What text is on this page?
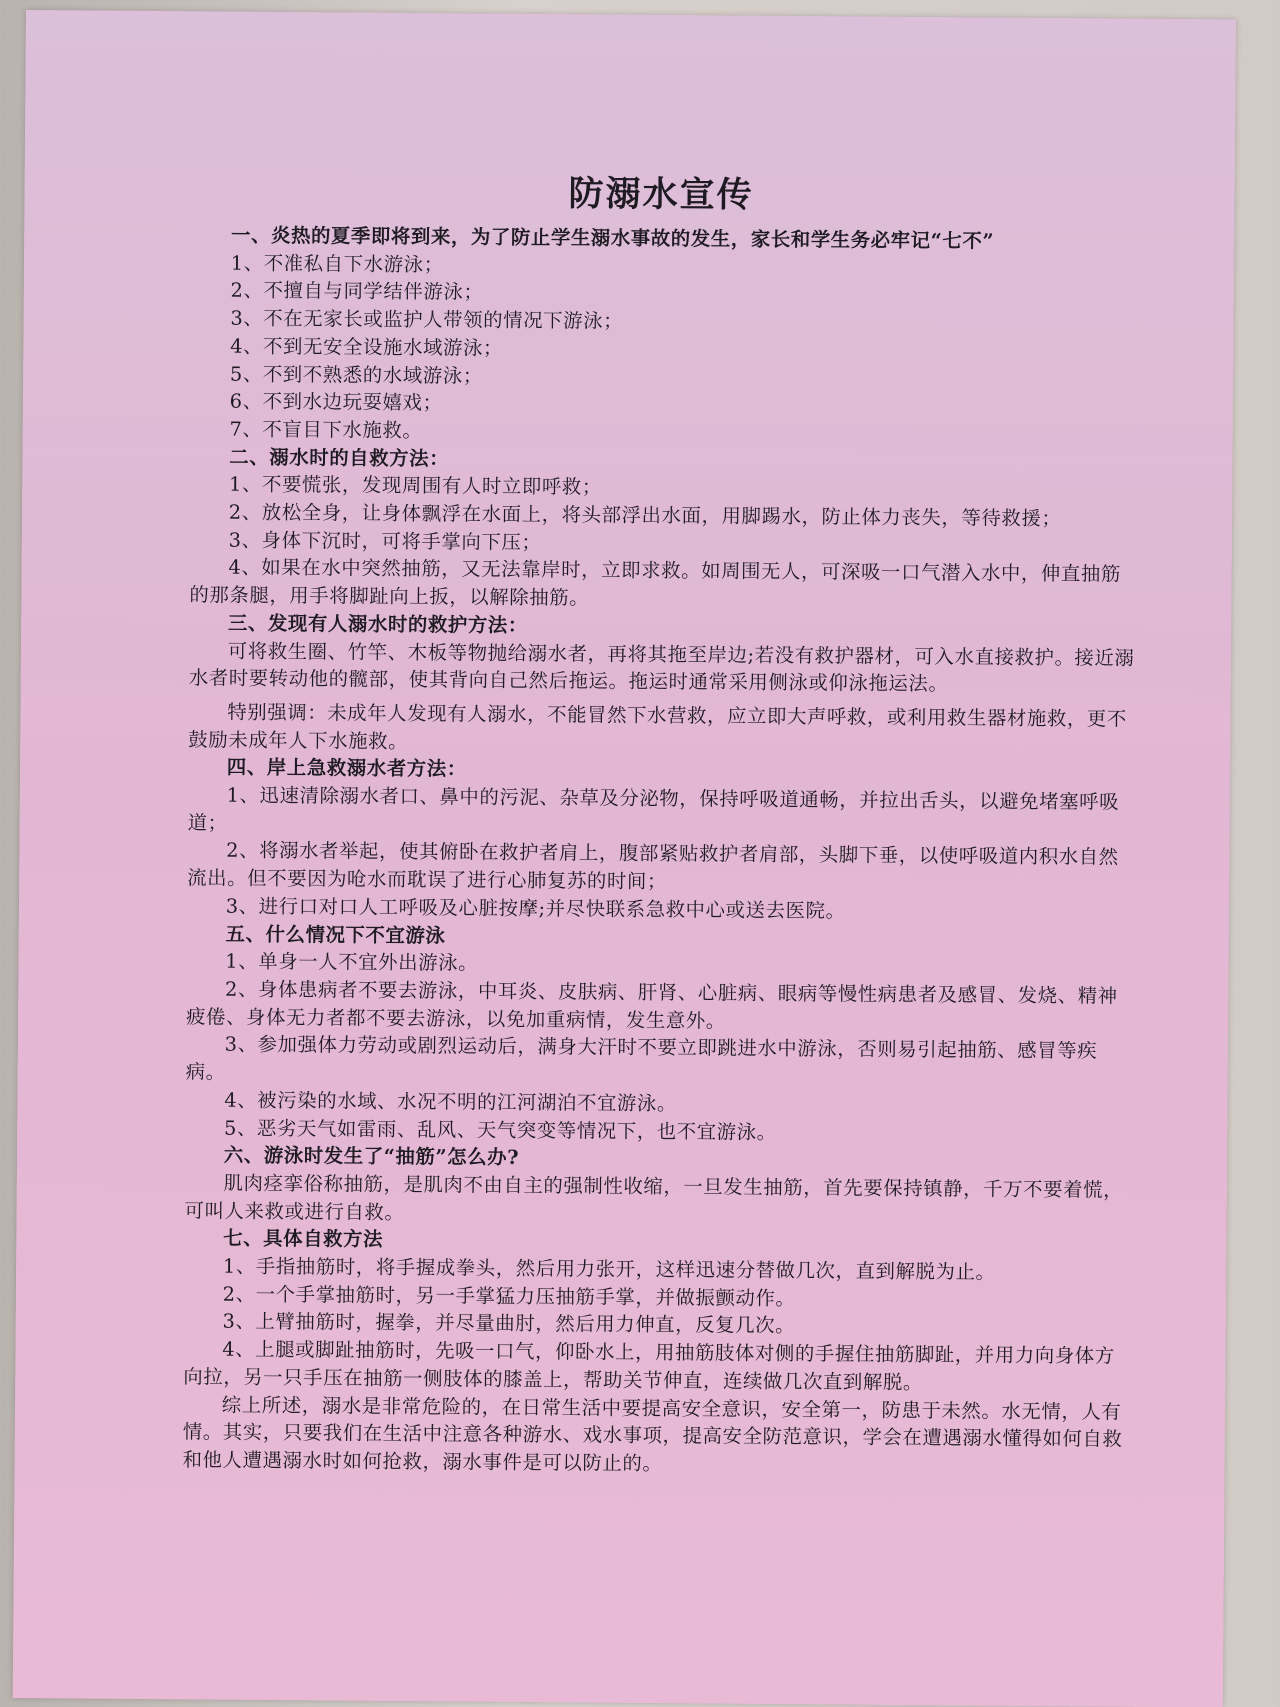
防溺水宣传

一、炎热的夏季即将到来，为了防止学生溺水事故的发生，家长和学生务必牢记“七不”

1、不准私自下水游泳；

2、不擅自与同学结伴游泳；

3、不在无家长或监护人带领的情况下游泳；

4、不到无安全设施水域游泳；

5、不到不熟悉的水域游泳；

6、不到水边玩耍嬉戏；

7、不盲目下水施救。

二、溺水时的自救方法：

1、不要慌张，发现周围有人时立即呼救；

2、放松全身，让身体飘浮在水面上，将头部浮出水面，用脚踢水，防止体力丧失，等待救援；

3、身体下沉时，可将手掌向下压；

4、如果在水中突然抽筋，又无法靠岸时，立即求救。如周围无人，可深吸一口气潜入水中，伸直抽筋的那条腿，用手将脚趾向上扳，以解除抽筋。

三、发现有人溺水时的救护方法：

可将救生圈、竹竿、木板等物抛给溺水者，再将其拖至岸边;若没有救护器材，可入水直接救护。接近溺水者时要转动他的髋部，使其背向自己然后拖运。拖运时通常采用侧泳或仰泳拖运法。

特别强调：未成年人发现有人溺水，不能冒然下水营救，应立即大声呼救，或利用救生器材施救，更不鼓励未成年人下水施救。

四、岸上急救溺水者方法：

1、迅速清除溺水者口、鼻中的污泥、杂草及分泌物，保持呼吸道通畅，并拉出舌头，以避免堵塞呼吸道；

2、将溺水者举起，使其俯卧在救护者肩上，腹部紧贴救护者肩部，头脚下垂，以使呼吸道内积水自然流出。但不要因为呛水而耽误了进行心肺复苏的时间；

3、进行口对口人工呼吸及心脏按摩;并尽快联系急救中心或送去医院。

五、什么情况下不宜游泳

1、单身一人不宜外出游泳。

2、身体患病者不要去游泳，中耳炎、皮肤病、肝肾、心脏病、眼病等慢性病患者及感冒、发烧、精神疲倦、身体无力者都不要去游泳，以免加重病情，发生意外。

3、参加强体力劳动或剧烈运动后，满身大汗时不要立即跳进水中游泳，否则易引起抽筋、感冒等疾病。

4、被污染的水域、水况不明的江河湖泊不宜游泳。

5、恶劣天气如雷雨、乱风、天气突变等情况下，也不宜游泳。

六、游泳时发生了“抽筋”怎么办?

肌肉痉挛俗称抽筋，是肌肉不由自主的强制性收缩，一旦发生抽筋，首先要保持镇静，千万不要着慌，可叫人来救或进行自救。

七、具体自救方法

1、手指抽筋时，将手握成拳头，然后用力张开，这样迅速分替做几次，直到解脱为止。

2、一个手掌抽筋时，另一手掌猛力压抽筋手掌，并做振颤动作。

3、上臂抽筋时，握拳，并尽量曲肘，然后用力伸直，反复几次。

4、上腿或脚趾抽筋时，先吸一口气，仰卧水上，用抽筋肢体对侧的手握住抽筋脚趾，并用力向身体方向拉，另一只手压在抽筋一侧肢体的膝盖上，帮助关节伸直，连续做几次直到解脱。

综上所述，溺水是非常危险的，在日常生活中要提高安全意识，安全第一，防患于未然。水无情，人有情。其实，只要我们在生活中注意各种游水、戏水事项，提高安全防范意识，学会在遭遇溺水懂得如何自救和他人遭遇溺水时如何抢救，溺水事件是可以防止的。
